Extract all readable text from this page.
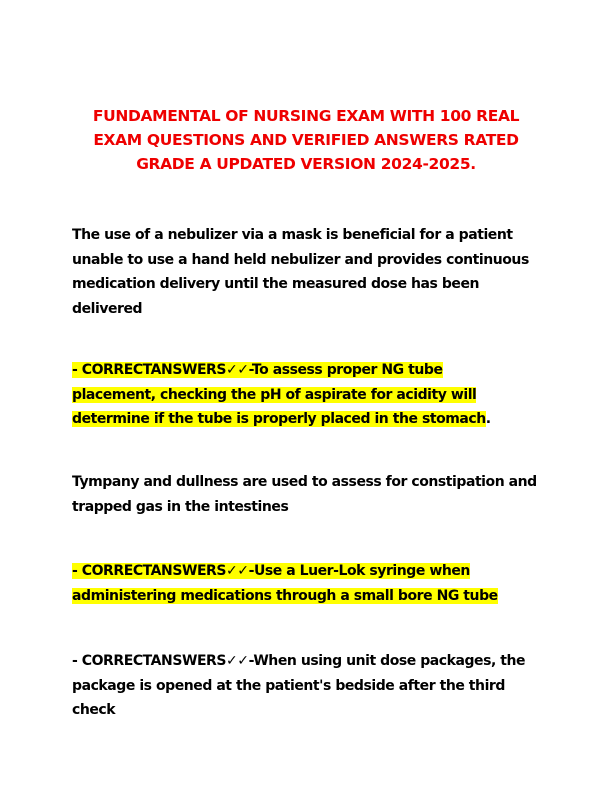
FUNDAMENTAL OF NURSING EXAM WITH 100 REAL
EXAM QUESTIONS AND VERIFIED ANSWERS RATED
GRADE A UPDATED VERSION 2024-2025.
The use of a nebulizer via a mask is beneficial for a patient
unable to use a hand held nebulizer and provides continuous
medication delivery until the measured dose has been
delivered
- CORRECTANSWERS✓✓-To assess proper NG tube
placement, checking the pH of aspirate for acidity will
determine if the tube is properly placed in the stomach.
Tympany and dullness are used to assess for constipation and
trapped gas in the intestines
- CORRECTANSWERS✓✓-Use a Luer-Lok syringe when
administering medications through a small bore NG tube
- CORRECTANSWERS✓✓-When using unit dose packages, the
package is opened at the patient's bedside after the third
check
